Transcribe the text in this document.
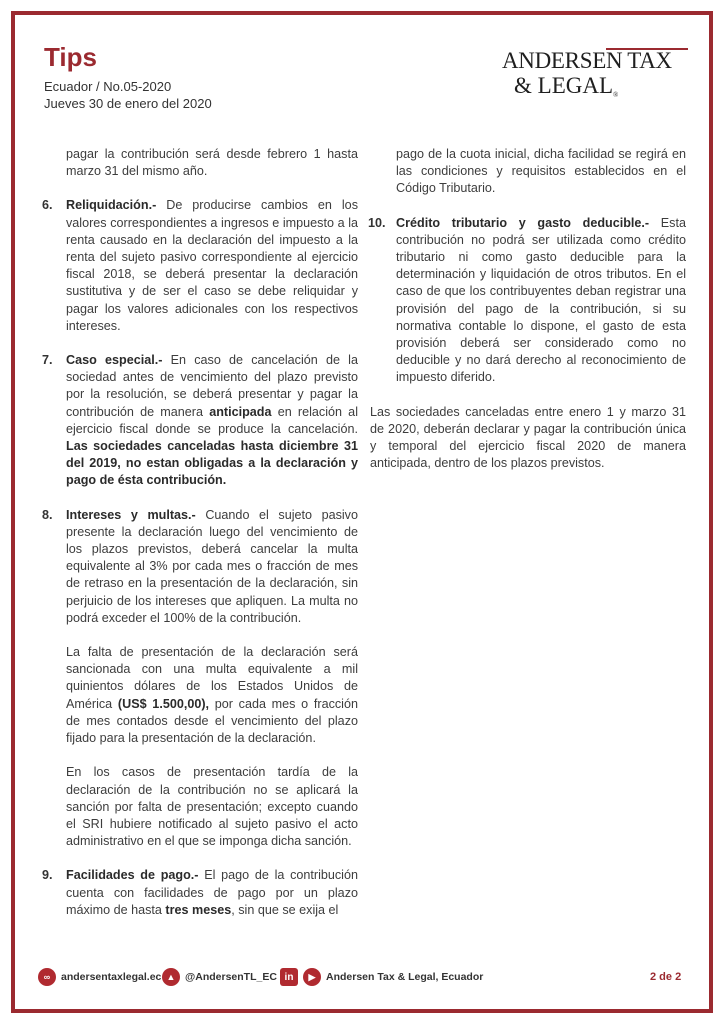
Tips
Ecuador / No.05-2020
Jueves 30 de enero del 2020
ANDERSEN TAX
& LEGAL®

pagar la contribución será desde febrero 1 hasta marzo 31 del mismo año.

6. Reliquidación.- De producirse cambios en los valores correspondientes a ingresos e impuesto a la renta causado en la declaración del impuesto a la renta del sujeto pasivo correspondiente al ejercicio fiscal 2018, se deberá presentar la declaración sustitutiva y de ser el caso se debe reliquidar y pagar los valores adicionales con los respectivos intereses.

7. Caso especial.- En caso de cancelación de la sociedad antes de vencimiento del plazo previsto por la resolución, se deberá presentar y pagar la contribución de manera anticipada en relación al ejercicio fiscal donde se produce la cancelación. Las sociedades canceladas hasta diciembre 31 del 2019, no estan obligadas a la declaración y pago de ésta contribución.

8. Intereses y multas.- Cuando el sujeto pasivo presente la declaración luego del vencimiento de los plazos previstos, deberá cancelar la multa equivalente al 3% por cada mes o fracción de mes de retraso en la presentación de la declaración, sin perjuicio de los intereses que apliquen. La multa no podrá exceder el 100% de la contribución.

La falta de presentación de la declaración será sancionada con una multa equivalente a mil quinientos dólares de los Estados Unidos de América (US$ 1.500,00), por cada mes o fracción de mes contados desde el vencimiento del plazo fijado para la presentación de la declaración.

En los casos de presentación tardía de la declaración de la contribución no se aplicará la sanción por falta de presentación; excepto cuando el SRI hubiere notificado al sujeto pasivo el acto administrativo en el que se imponga dicha sanción.

9. Facilidades de pago.- El pago de la contribución cuenta con facilidades de pago por un plazo máximo de hasta tres meses, sin que se exija el

pago de la cuota inicial, dicha facilidad se regirá en las condiciones y requisitos establecidos en el Código Tributario.

10. Crédito tributario y gasto deducible.- Esta contribución no podrá ser utilizada como crédito tributario ni como gasto deducible para la determinación y liquidación de otros tributos. En el caso de que los contribuyentes deban registrar una provisión del pago de la contribución, si su normativa contable lo dispone, el gasto de esta provisión deberá ser considerado como no deducible y no dará derecho al reconocimiento de impuesto diferido.

Las sociedades canceladas entre enero 1 y marzo 31 de 2020, deberán declarar y pagar la contribución única y temporal del ejercicio fiscal 2020 de manera anticipada, dentro de los plazos previstos.

∞	andersentaxlegal.ec ▲ @AndersenTL_EC in	▶	Andersen Tax & Legal, Ecuador	2 de 2
